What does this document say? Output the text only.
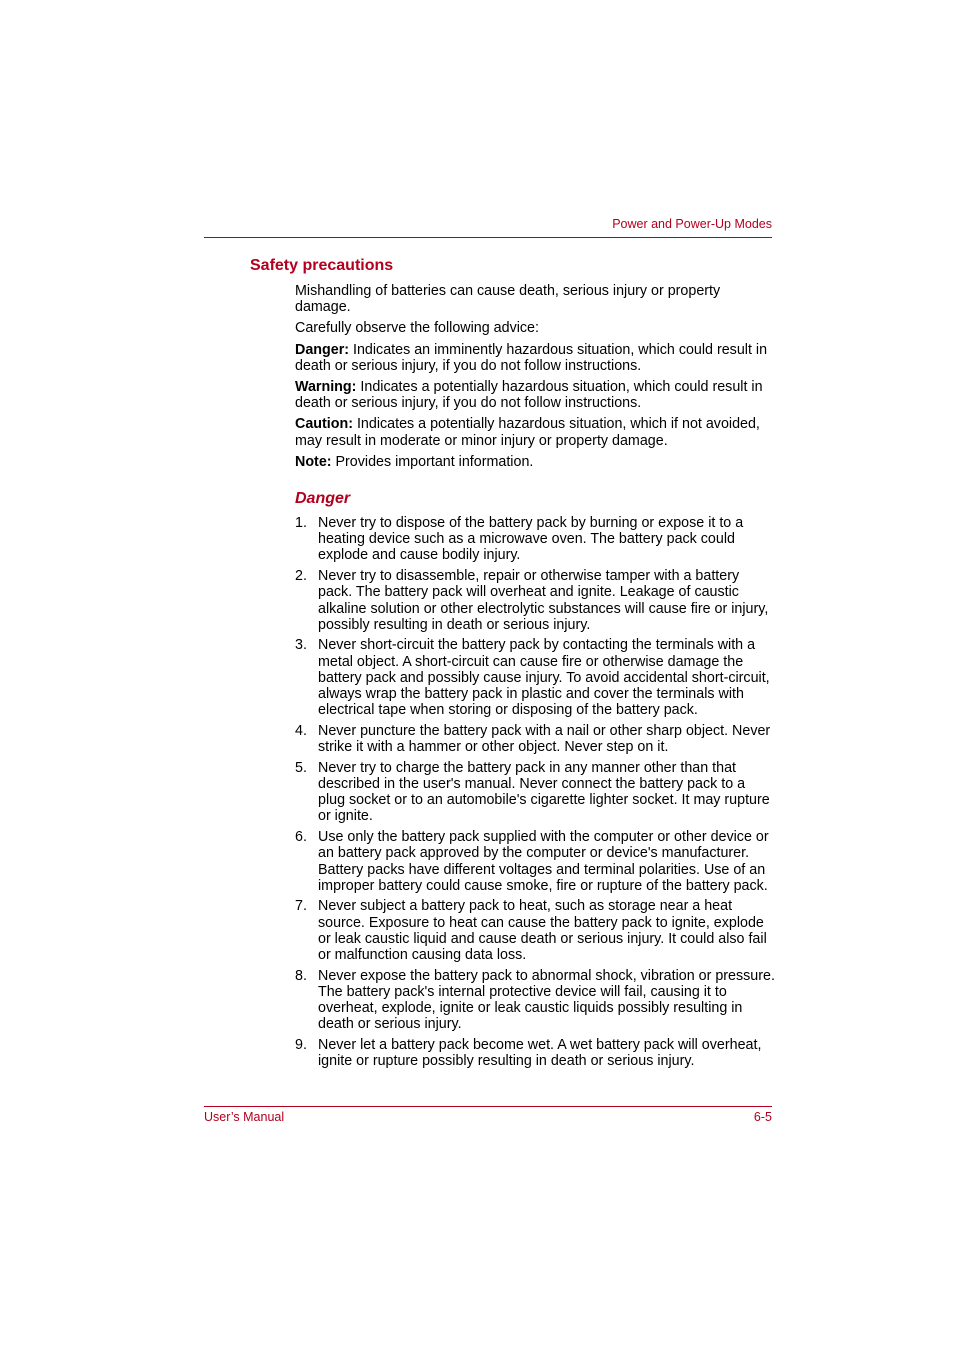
Power and Power-Up Modes
Safety precautions

Mishandling of batteries can cause death, serious injury or property damage.

Carefully observe the following advice:

Danger: Indicates an imminently hazardous situation, which could result in death or serious injury, if you do not follow instructions.

Warning: Indicates a potentially hazardous situation, which could result in death or serious injury, if you do not follow instructions.

Caution: Indicates a potentially hazardous situation, which if not avoided, may result in moderate or minor injury or property damage.

Note: Provides important information.

Danger
1. Never try to dispose of the battery pack by burning or expose it to a heating device such as a microwave oven. The battery pack could explode and cause bodily injury.
2. Never try to disassemble, repair or otherwise tamper with a battery pack. The battery pack will overheat and ignite. Leakage of caustic alkaline solution or other electrolytic substances will cause fire or injury, possibly resulting in death or serious injury.
3. Never short-circuit the battery pack by contacting the terminals with a metal object. A short-circuit can cause fire or otherwise damage the battery pack and possibly cause injury. To avoid accidental short-circuit, always wrap the battery pack in plastic and cover the terminals with electrical tape when storing or disposing of the battery pack.
4. Never puncture the battery pack with a nail or other sharp object. Never strike it with a hammer or other object. Never step on it.
5. Never try to charge the battery pack in any manner other than that described in the user's manual. Never connect the battery pack to a plug socket or to an automobile's cigarette lighter socket. It may rupture or ignite.
6. Use only the battery pack supplied with the computer or other device or an battery pack approved by the computer or device's manufacturer. Battery packs have different voltages and terminal polarities. Use of an improper battery could cause smoke, fire or rupture of the battery pack.
7. Never subject a battery pack to heat, such as storage near a heat source. Exposure to heat can cause the battery pack to ignite, explode or leak caustic liquid and cause death or serious injury. It could also fail or malfunction causing data loss.
8. Never expose the battery pack to abnormal shock, vibration or pressure. The battery pack's internal protective device will fail, causing it to overheat, explode, ignite or leak caustic liquids possibly resulting in death or serious injury.
9. Never let a battery pack become wet. A wet battery pack will overheat, ignite or rupture possibly resulting in death or serious injury.
User’s Manual	6-5
